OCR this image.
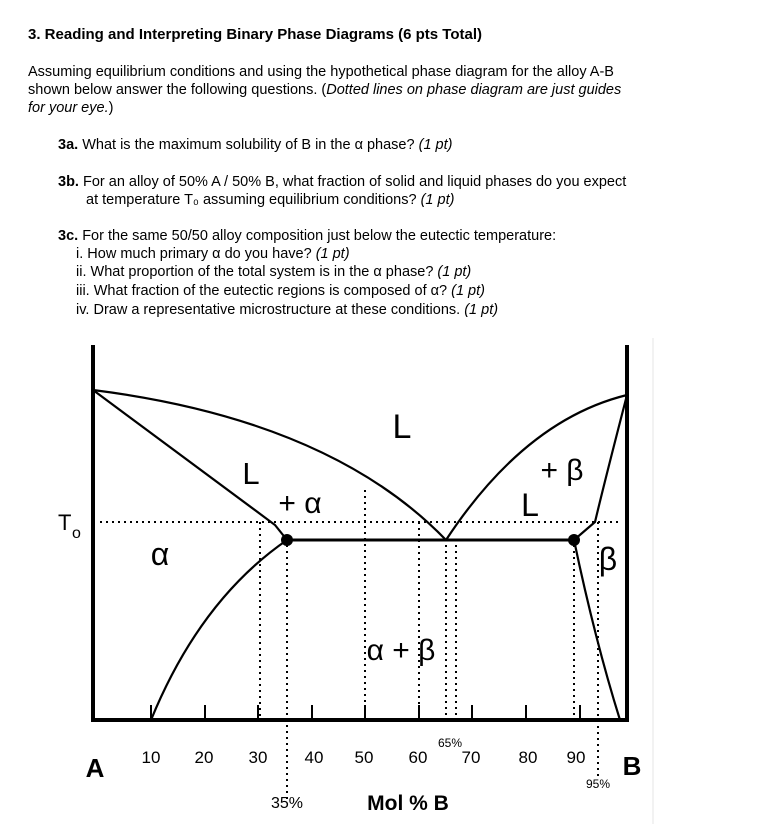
3. Reading and Interpreting Binary Phase Diagrams (6 pts Total)
Assuming equilibrium conditions and using the hypothetical phase diagram for the alloy A-B
shown below answer the following questions. (Dotted lines on phase diagram are just guides
for your eye.)
3a. What is the maximum solubility of B in the α phase? (1 pt)
3b. For an alloy of 50% A / 50% B, what fraction of solid and liquid phases do you expect
at temperature T₀ assuming equilibrium conditions? (1 pt)
3c. For the same 50/50 alloy composition just below the eutectic temperature:
i. How much primary α do you have? (1 pt)
ii. What proportion of the total system is in the α phase? (1 pt)
iii. What fraction of the eutectic regions is composed of α? (1 pt)
iv. Draw a representative microstructure at these conditions. (1 pt)
L
L
+ α
+ β
L
α	β
α + β
T o
A	B
10 20 30 40 50 60 70 80 90
35%
65%
95%
Mol % B
